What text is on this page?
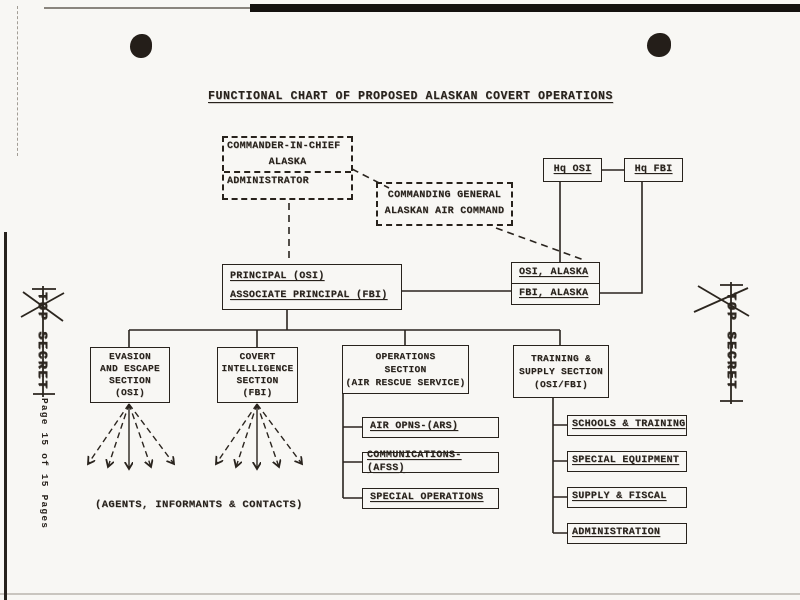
FUNCTIONAL CHART OF PROPOSED ALASKAN COVERT OPERATIONS
COMMANDER-IN-CHIEF
ALASKA
ADMINISTRATOR
COMMANDING GENERAL
ALASKAN AIR COMMAND
Hq OSI	Hq FBI
PRINCIPAL (OSI)
ASSOCIATE PRINCIPAL (FBI)
OSI, ALASKA
FBI, ALASKA
EVASION
AND ESCAPE
SECTION
(OSI)
COVERT
INTELLIGENCE
SECTION
(FBI)
OPERATIONS
SECTION
(AIR RESCUE SERVICE)
TRAINING &
SUPPLY SECTION
(OSI/FBI)
AIR OPNS-(ARS)
COMMUNICATIONS-(AFSS)
SPECIAL OPERATIONS
SCHOOLS & TRAINING
SPECIAL EQUIPMENT
SUPPLY & FISCAL
ADMINISTRATION
(AGENTS, INFORMANTS & CONTACTS)
TOP SECRET	TOP SECRET
Page 15 of 15 Pages
